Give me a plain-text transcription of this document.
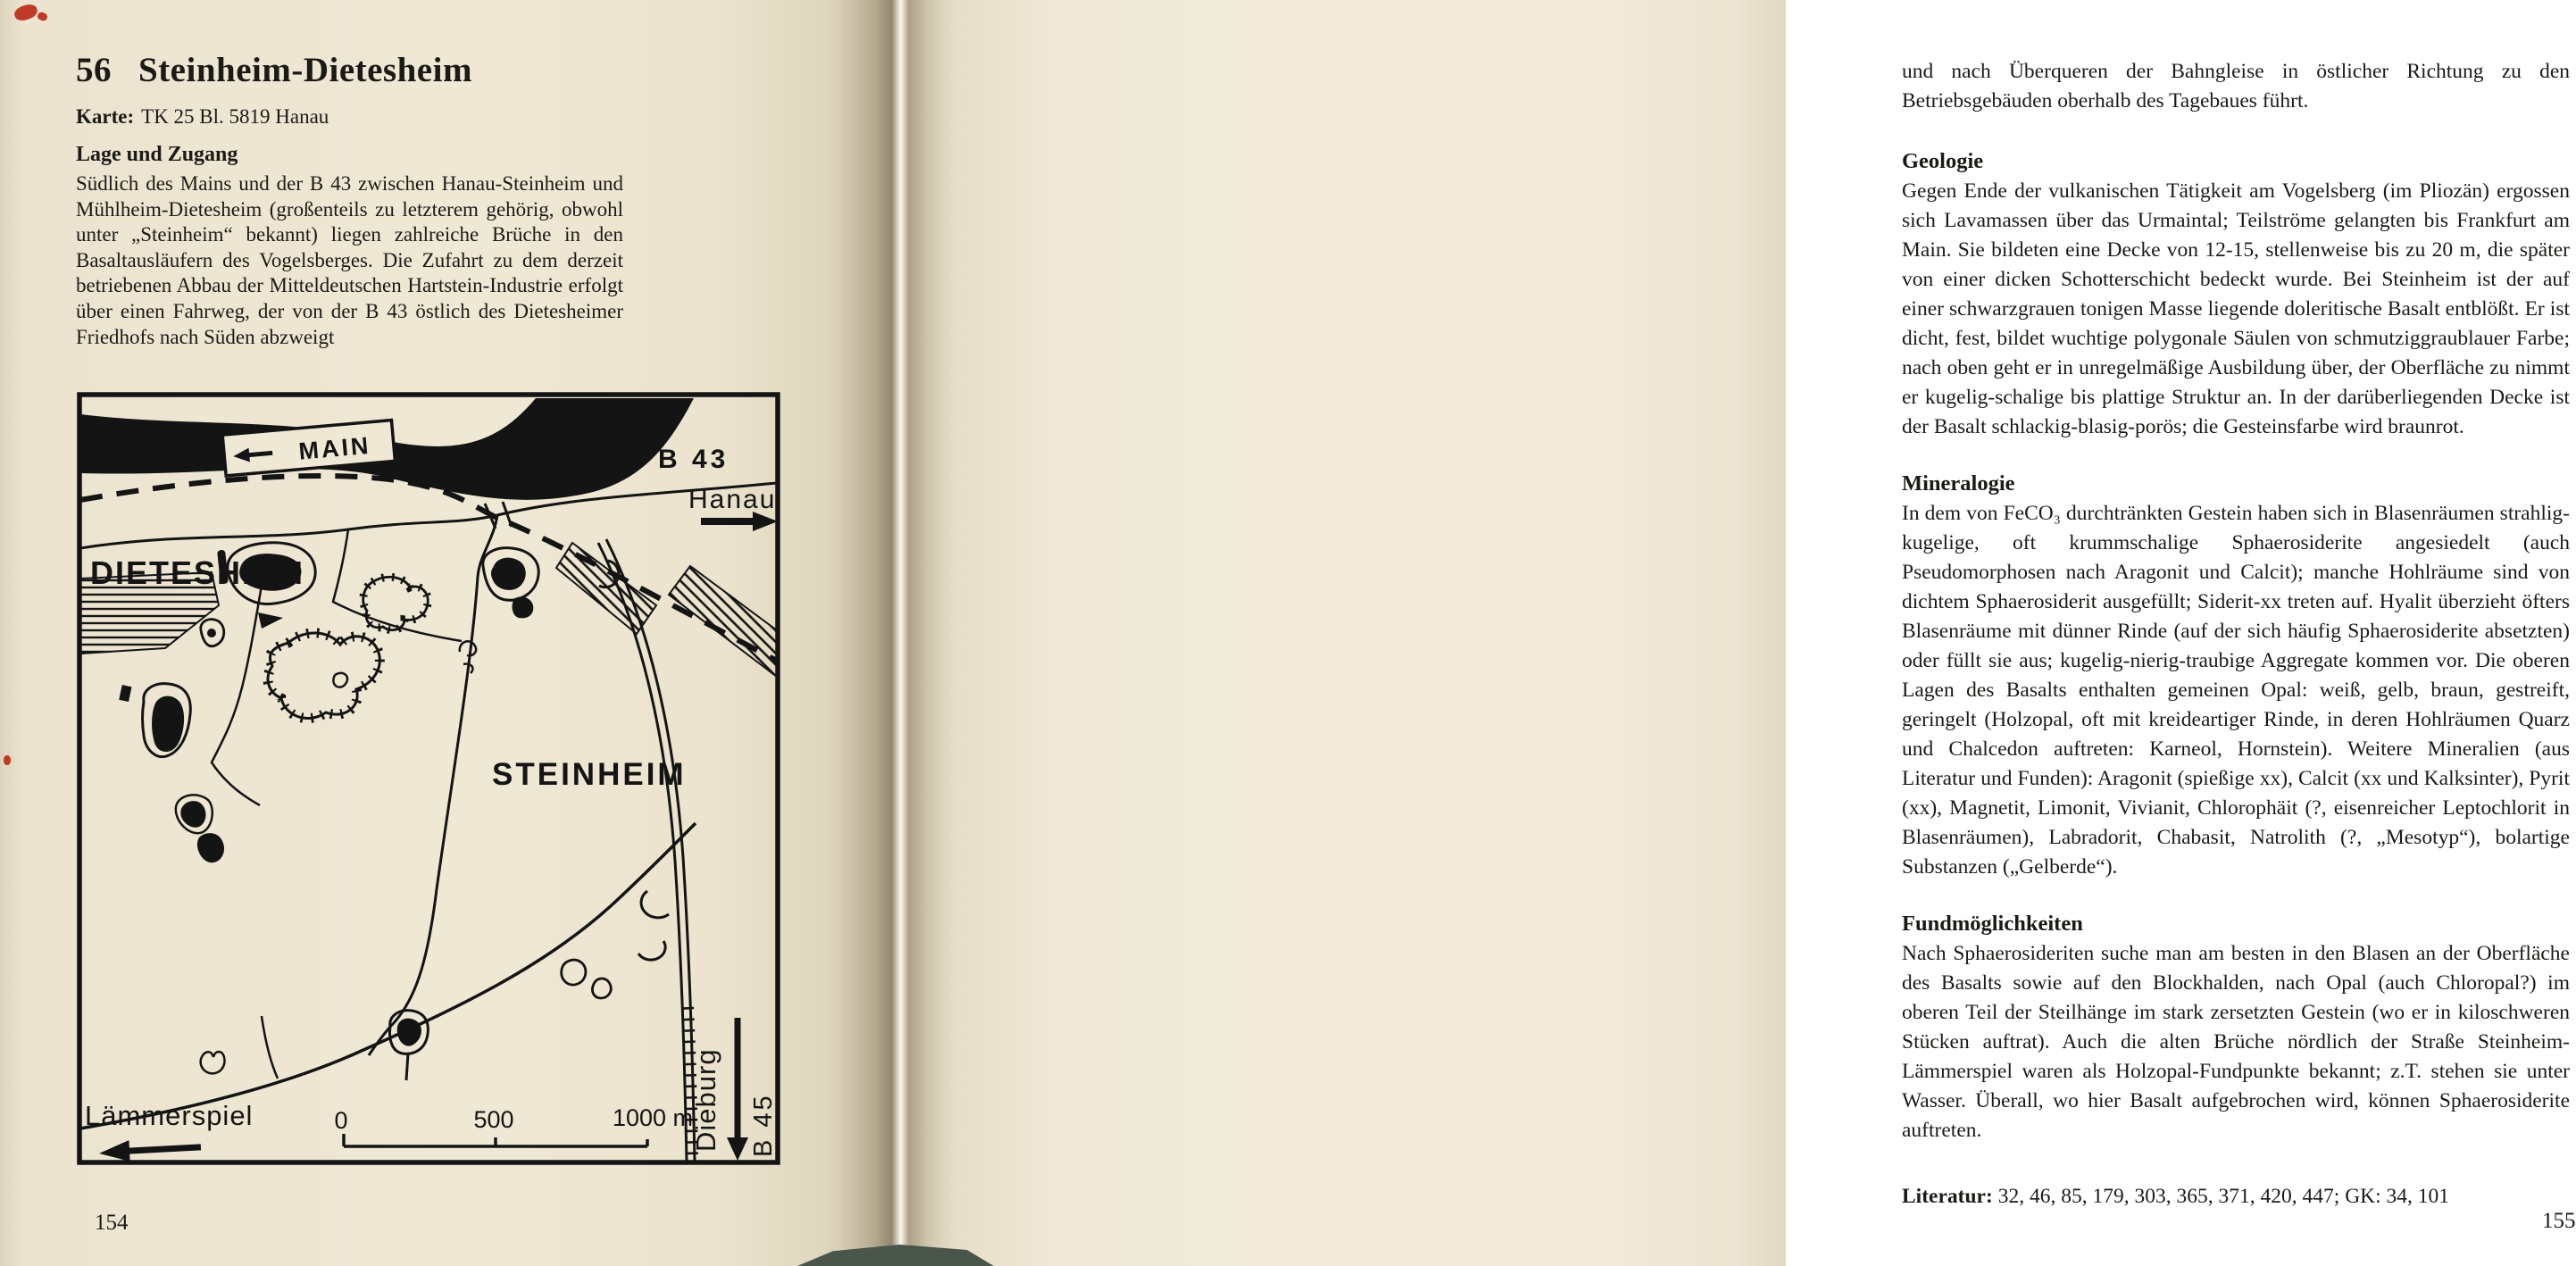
56 Steinheim-Dietesheim
Karte: TK 25 Bl. 5819 Hanau
Lage und Zugang

Südlich des Mains und der B 43 zwischen Hanau-Steinheim und Mühlheim-Dietesheim (großenteils zu letzterem gehörig, obwohl unter „Steinheim“ bekannt) liegen zahlreiche Brüche in den Basaltausläufern des Vogelsberges. Die Zufahrt zu dem derzeit betriebenen Abbau der Mitteldeutschen Hartstein-Industrie erfolgt über einen Fahrweg, der von der B 43 östlich des Dietesheimer Friedhofs nach Süden abzweigt

MAIN
DIETESHEIM
B 43
Hanau
STEINHEIM
Lämmerspiel	0	500	1000 m
Dieburg B 45
154

und nach Überqueren der Bahngleise in östlicher Richtung zu den Betriebsgebäuden oberhalb des Tagebaues führt.

Geologie

Gegen Ende der vulkanischen Tätigkeit am Vogelsberg (im Pliozän) ergossen sich Lavamassen über das Urmaintal; Teilströme gelangten bis Frankfurt am Main. Sie bildeten eine Decke von 12-15, stellenweise bis zu 20 m, die später von einer dicken Schotterschicht bedeckt wurde. Bei Steinheim ist der auf einer schwarzgrauen tonigen Masse liegende doleritische Basalt entblößt. Er ist dicht, fest, bildet wuchtige polygonale Säulen von schmutziggraublauer Farbe; nach oben geht er in unregelmäßige Ausbildung über, der Oberfläche zu nimmt er kugelig-schalige bis plattige Struktur an. In der darüberliegenden Decke ist der Basalt schlackig-blasig-porös; die Gesteinsfarbe wird braunrot.

Mineralogie

In dem von FeCO₃ durchtränkten Gestein haben sich in Blasenräumen strahlig-kugelige, oft krummschalige Sphaerosiderite angesiedelt (auch Pseudomorphosen nach Aragonit und Calcit); manche Hohlräume sind von dichtem Sphaerosiderit ausgefüllt; Siderit-xx treten auf. Hyalit überzieht öfters Blasenräume mit dünner Rinde (auf der sich häufig Sphaerosiderite absetzten) oder füllt sie aus; kugelig-nierig-traubige Aggregate kommen vor. Die oberen Lagen des Basalts enthalten gemeinen Opal: weiß, gelb, braun, gestreift, geringelt (Holzopal, oft mit kreideartiger Rinde, in deren Hohlräumen Quarz und Chalcedon auftreten: Karneol, Hornstein). Weitere Mineralien (aus Literatur und Funden): Aragonit (spießige xx), Calcit (xx und Kalksinter), Pyrit (xx), Magnetit, Limonit, Vivianit, Chlorophäit (?, eisenreicher Leptochlorit in Blasenräumen), Labradorit, Chabasit, Natrolith (?, „Mesotyp“), bolartige Substanzen („Gelberde“).

Fundmöglichkeiten

Nach Sphaerosideriten suche man am besten in den Blasen an der Oberfläche des Basalts sowie auf den Blockhalden, nach Opal (auch Chloropal?) im oberen Teil der Steilhänge im stark zersetzten Gestein (wo er in kiloschweren Stücken auftrat). Auch die alten Brüche nördlich der Straße Steinheim-Lämmerspiel waren als Holzopal-Fundpunkte bekannt; z.T. stehen sie unter Wasser. Überall, wo hier Basalt aufgebrochen wird, können Sphaerosiderite auftreten.

Literatur: 32, 46, 85, 179, 303, 365, 371, 420, 447; GK: 34, 101

155
